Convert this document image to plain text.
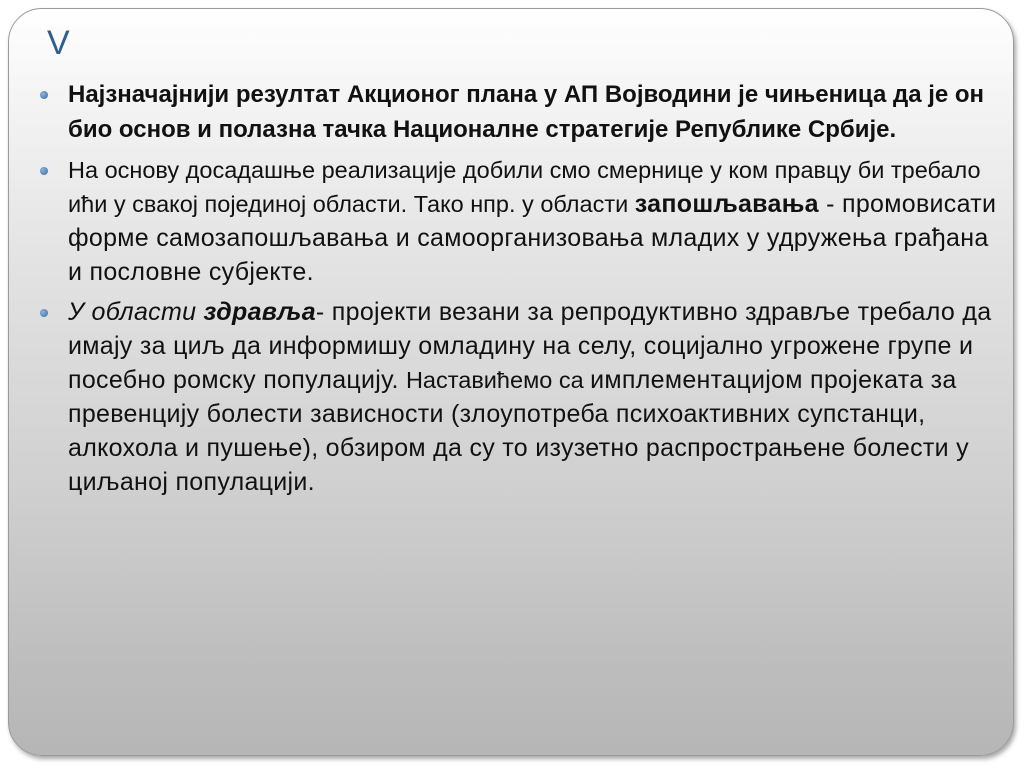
V

Најзначајнији резултат Акционог плана у АП Војводини је чињеница да је он био основ и полазна тачка Националне стратегије Републике Србије.

На основу досадашње реализације добили смо смернице у ком правцу би требало ићи у свакој појединој области. Тако нпр. у области запошљавања - промовисати форме самозапошљавања и самоорганизовања младих у удружења грађана и пословне субјекте.

У области здравља- пројекти везани за репродуктивно здравље требало да имају за циљ да информишу омладину на селу, социјално угрожене групе и посебно ромску популацију. Наставићемо са имплементацијом пројеката за превенцију болести зависности (злоупотреба психоактивних супстанци, алкохола и пушење), обзиром да су то изузетно распрострањене болести у циљаној популацији.
